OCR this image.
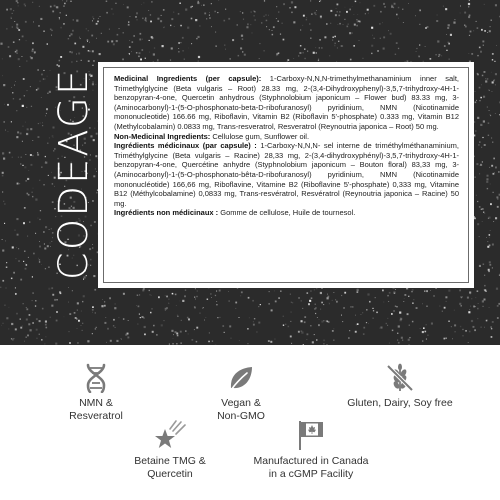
CODEAGE Medicinal Ingredients (per capsule): 1-Carboxy-N,N,N-trimethylmethanaminium inner salt, Trimethylglycine (Beta vulgaris – Root) 28.33 mg, 2-(3,4-Dihydroxyphenyl)-3,5,7-trihydroxy-4H-1-benzopyran-4-one, Quercetin anhydrous (Styphnolobium japonicum – Flower bud) 83.33 mg, 3-(Aminocarbonyl)-1-(5-O-phosphonato-beta-D-ribofuranosyl) pyridinium, NMN (Nicotinamide mononucleotide) 166.66 mg, Riboflavin, Vitamin B2 (Riboflavin 5'-phosphate) 0.333 mg, Vitamin B12 (Methylcobalamin) 0.0833 mg, Trans-resveratrol, Resveratrol (Reynoutria japonica – Root) 50 mg.

Non-Medicinal Ingredients: Cellulose gum, Sunflower oil.

Ingrédients médicinaux (par capsule) : 1-Carboxy-N,N,N- sel interne de triméthylméthanaminium, Triméthylglycine (Beta vulgaris – Racine) 28,33 mg, 2-(3,4-dihydroxyphényl)-3,5,7-trihydroxy-4H-1-benzopyran-4-one, Quercétine anhydre (Styphnolobium japonicum – Bouton floral) 83,33 mg, 3-(Aminocarbonyl)-1-(5-O-phosphonato-bêta-D-ribofuranosyl) pyridinium, NMN (Nicotinamide mononucléotide) 166,66 mg, Riboflavine, Vitamine B2 (Riboflavine 5'-phosphate) 0,333 mg, Vitamine B12 (Méthylcobalamine) 0,0833 mg, Trans-resvératrol, Resvératrol (Reynoutria japonica – Racine) 50 mg.

Ingrédients non médicinaux : Gomme de cellulose, Huile de tournesol.

NMN &
Resveratrol
Vegan &
Non-GMO
Gluten, Dairy, Soy free
Betaine TMG &
Quercetin
Manufactured in Canada
in a cGMP Facility
